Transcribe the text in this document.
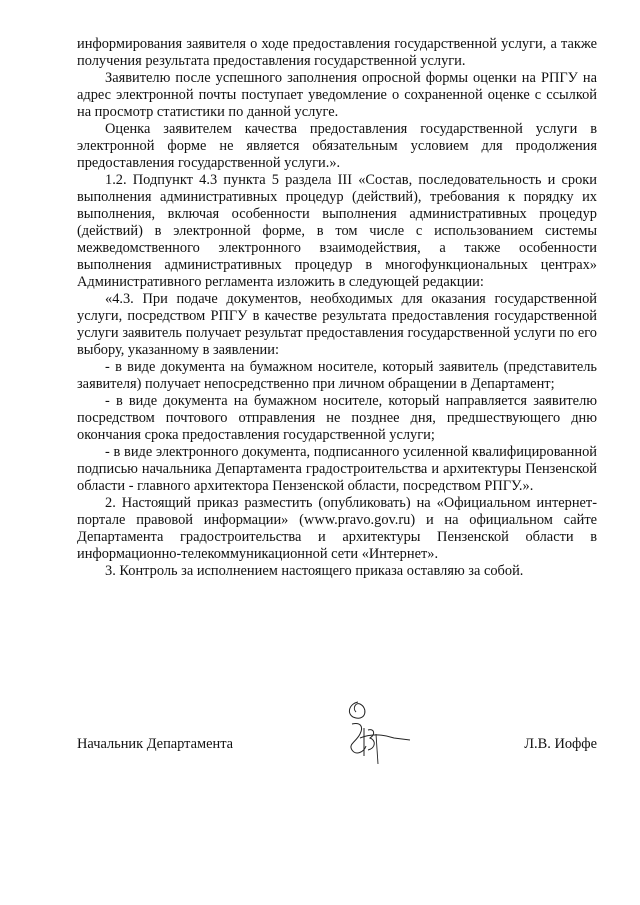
информирования заявителя о ходе предоставления государственной услуги, а также получения результата предоставления государственной услуги.

Заявителю после успешного заполнения опросной формы оценки на РПГУ на адрес электронной почты поступает уведомление о сохраненной оценке с ссылкой на просмотр статистики по данной услуге.

Оценка заявителем качества предоставления государственной услуги в электронной форме не является обязательным условием для продолжения предоставления государственной услуги.».

1.2. Подпункт 4.3 пункта 5 раздела III «Состав, последовательность и сроки выполнения административных процедур (действий), требования к порядку их выполнения, включая особенности выполнения административных процедур (действий) в электронной форме, в том числе с использованием системы межведомственного электронного взаимодействия, а также особенности выполнения административных процедур в многофункциональных центрах» Административного регламента изложить в следующей редакции:

«4.3. При подаче документов, необходимых для оказания государственной услуги, посредством РПГУ в качестве результата предоставления государственной услуги заявитель получает результат предоставления государственной услуги по его выбору, указанному в заявлении:

- в виде документа на бумажном носителе, который заявитель (представитель заявителя) получает непосредственно при личном обращении в Департамент;

- в виде документа на бумажном носителе, который направляется заявителю посредством почтового отправления не позднее дня, предшествующего дню окончания срока предоставления государственной услуги;

- в виде электронного документа, подписанного усиленной квалифицированной подписью начальника Департамента градостроительства и архитектуры Пензенской области - главного архитектора Пензенской области, посредством РПГУ.».

2. Настоящий приказ разместить (опубликовать) на «Официальном интернет-портале правовой информации» (www.pravo.gov.ru) и на официальном сайте Департамента градостроительства и архитектуры Пензенской области в информационно-телекоммуникационной сети «Интернет».

3. Контроль за исполнением настоящего приказа оставляю за собой.

Начальник Департамента	Л.В. Иоффе
